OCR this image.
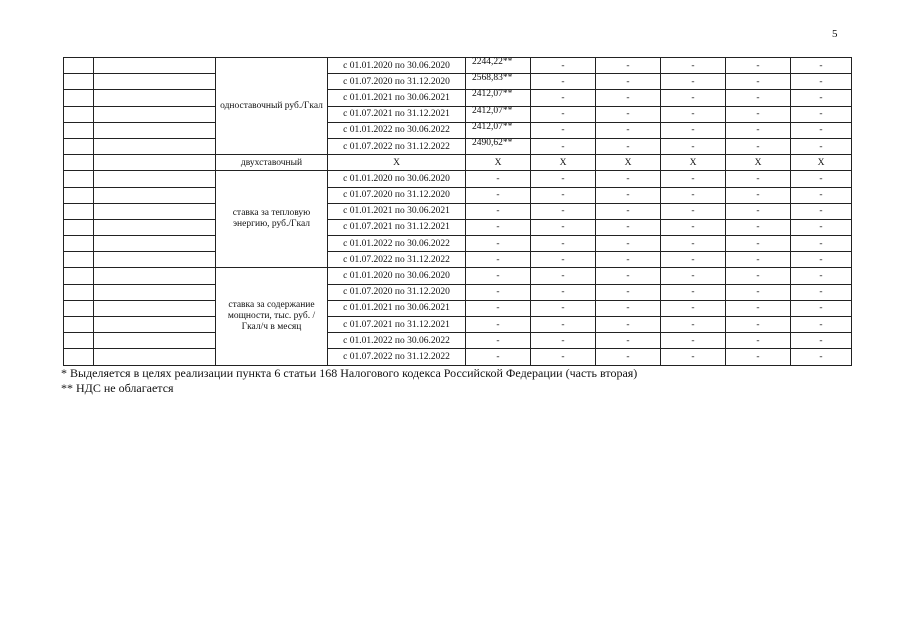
5
		одноставочный руб./Гкал	с 01.01.2020 по 30.06.2020	2244,22**	-	-	-	-	-
			с 01.07.2020 по 31.12.2020	2568,83**	-	-	-	-	-
			с 01.01.2021 по 30.06.2021	2412,07**	-	-	-	-	-
			с 01.07.2021 по 31.12.2021	2412,07**	-	-	-	-	-
			с 01.01.2022 по 30.06.2022	2412,07**	-	-	-	-	-
			с 01.07.2022 по 31.12.2022	2490,62**	-	-	-	-	-
		двухставочный	X	X	X	X	X	X	X
		ставка за тепловую энергию, руб./Гкал	с 01.01.2020 по 30.06.2020	-	-	-	-	-	-
			с 01.07.2020 по 31.12.2020	-	-	-	-	-	-
			с 01.01.2021 по 30.06.2021	-	-	-	-	-	-
			с 01.07.2021 по 31.12.2021	-	-	-	-	-	-
			с 01.01.2022 по 30.06.2022	-	-	-	-	-	-
			с 01.07.2022 по 31.12.2022	-	-	-	-	-	-
		ставка за содержание мощности, тыс. руб. /Гкал/ч в месяц	с 01.01.2020 по 30.06.2020	-	-	-	-	-	-
			с 01.07.2020 по 31.12.2020	-	-	-	-	-	-
			с 01.01.2021 по 30.06.2021	-	-	-	-	-	-
			с 01.07.2021 по 31.12.2021	-	-	-	-	-	-
			с 01.01.2022 по 30.06.2022	-	-	-	-	-	-
			с 01.07.2022 по 31.12.2022	-	-	-	-	-	-
* Выделяется в целях реализации пункта 6 статьи 168 Налогового кодекса Российской Федерации (часть вторая)
** НДС не облагается
